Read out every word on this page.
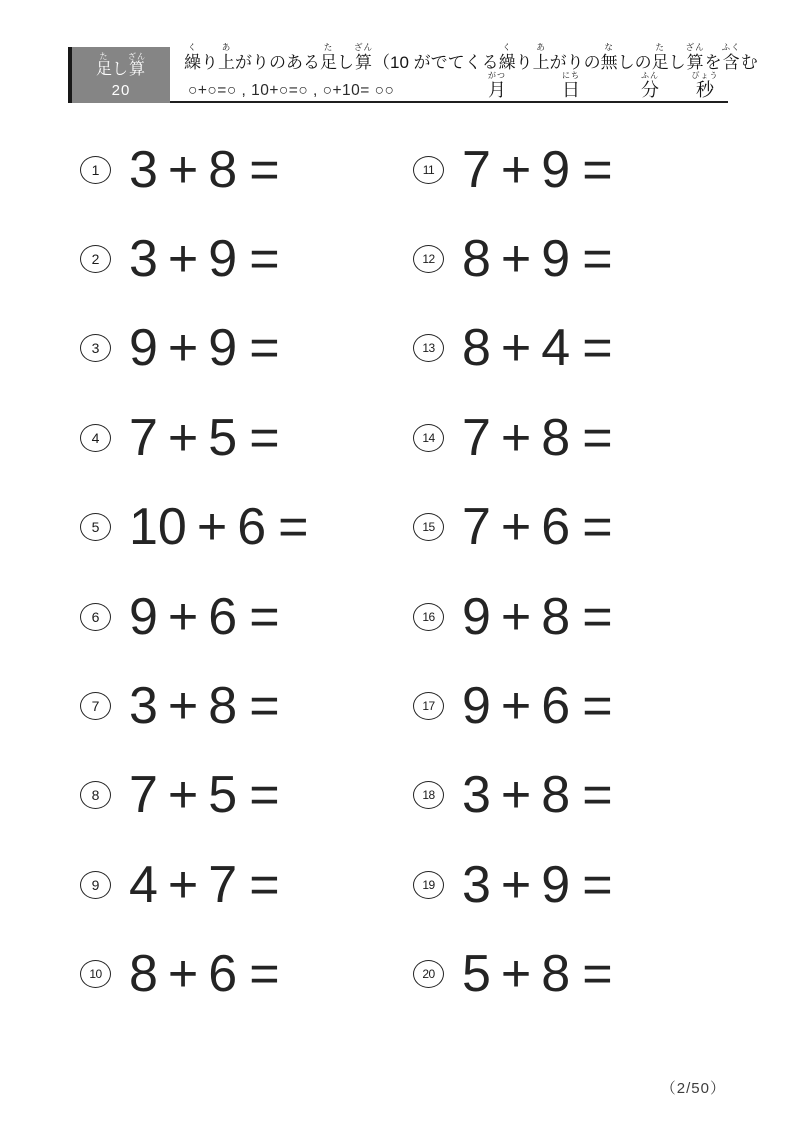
た
足 し
ざん
算
20
く
繰 り
あ
上 がりのある
た
足 し
ざん
算 （10 がでてくる
く
繰 り
あ
上 がりの
な
無 しの
た
足 し
ざん
算 を
ふく
含 む
○+○=○ , 10+○=○ , ○+10= ○○
がつ
月
にち
日
ふん
分
びょう
秒
1 3 + 8 =
2 3 + 9 =
3 9 + 9 =
4 7 + 5 =
5 10 + 6 =
6 9 + 6 =
7 3 + 8 =
8 7 + 5 =
9 4 + 7 =
10 8 + 6 =
11 7 + 9 =
12 8 + 9 =
13 8 + 4 =
14 7 + 8 =
15 7 + 6 =
16 9 + 8 =
17 9 + 6 =
18 3 + 8 =
19 3 + 9 =
20 5 + 8 =
（2/50）
